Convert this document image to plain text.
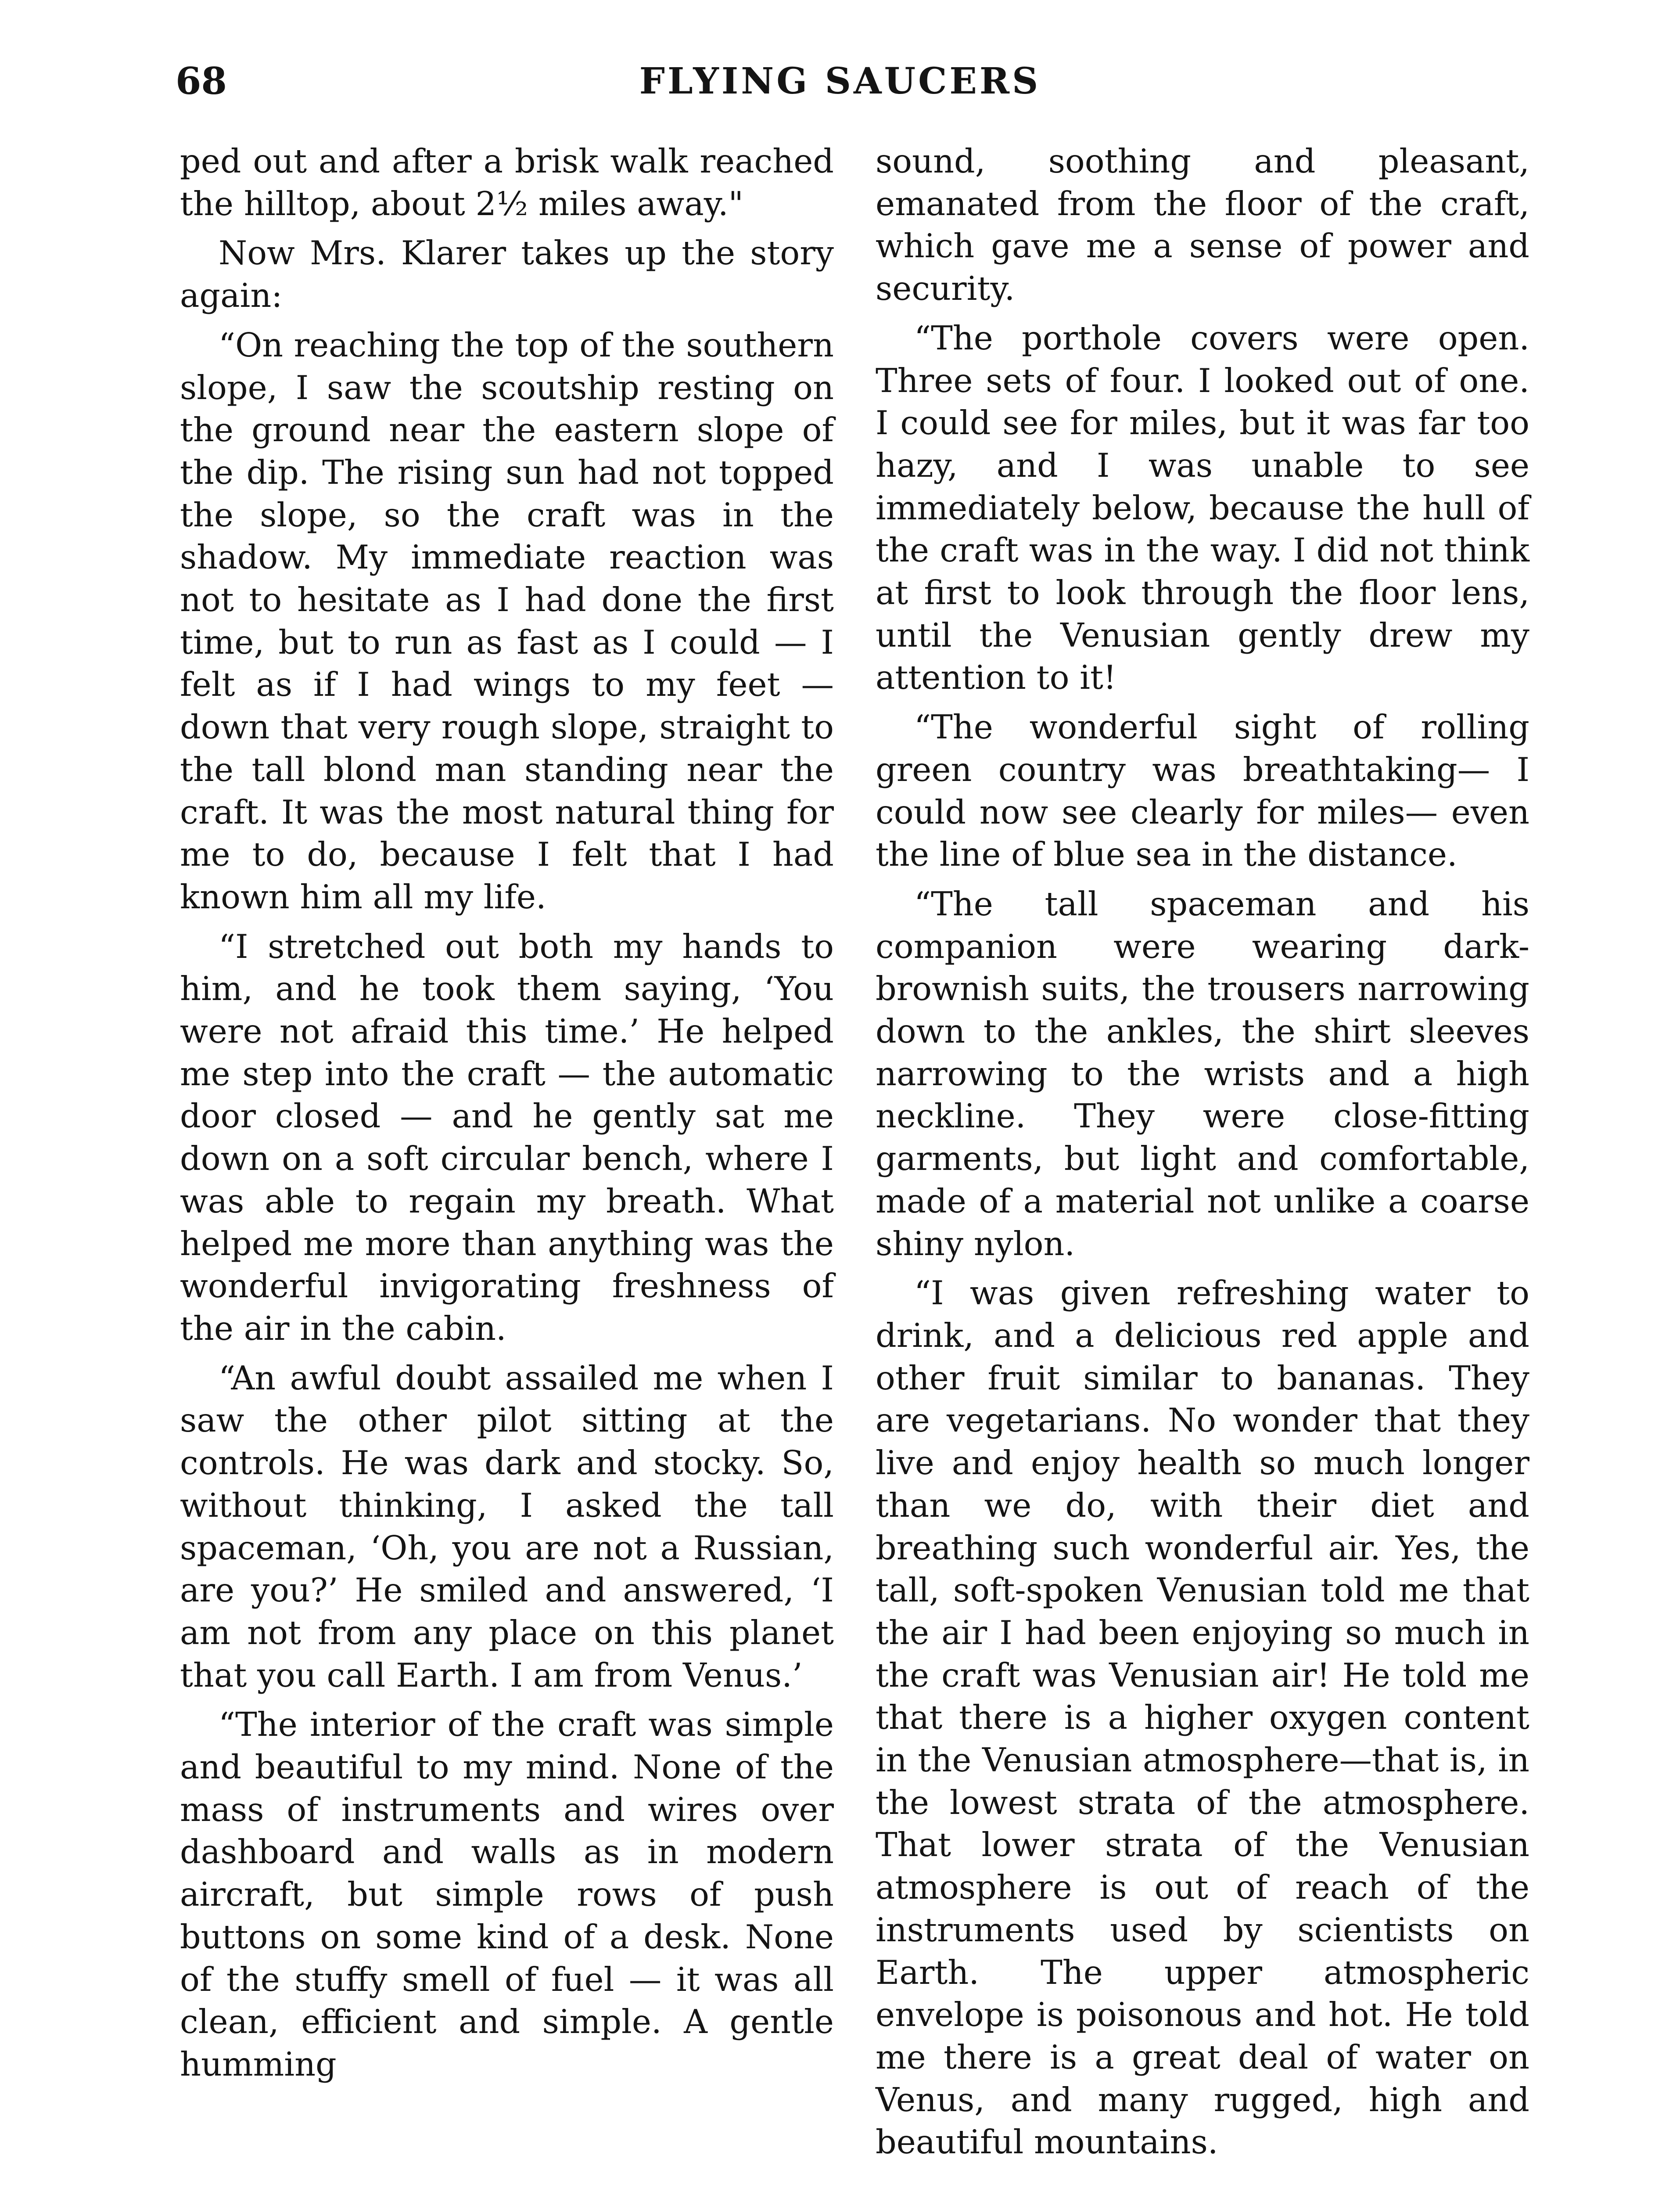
68	FLYING SAUCERS

ped out and after a brisk walk reached the hilltop, about 2½ miles away."

Now Mrs. Klarer takes up the story again:

“On reaching the top of the southern slope, I saw the scoutship resting on the ground near the eastern slope of the dip. The rising sun had not topped the slope, so the craft was in the shadow. My immediate reaction was not to hesitate as I had done the first time, but to run as fast as I could — I felt as if I had wings to my feet — down that very rough slope, straight to the tall blond man standing near the craft. It was the most natural thing for me to do, because I felt that I had known him all my life.

“I stretched out both my hands to him, and he took them saying, ‘You were not afraid this time.’ He helped me step into the craft — the automatic door closed — and he gently sat me down on a soft circular bench, where I was able to regain my breath. What helped me more than anything was the wonderful invigorating freshness of the air in the cabin.

“An awful doubt assailed me when I saw the other pilot sitting at the controls. He was dark and stocky. So, without thinking, I asked the tall spaceman, ‘Oh, you are not a Russian, are you?’ He smiled and answered, ‘I am not from any place on this planet that you call Earth. I am from Venus.’

“The interior of the craft was simple and beautiful to my mind. None of the mass of instruments and wires over dashboard and walls as in modern aircraft, but simple rows of push buttons on some kind of a desk. None of the stuffy smell of fuel — it was all clean, efficient and simple. A gentle humming

sound, soothing and pleasant, emanated from the floor of the craft, which gave me a sense of power and security.

“The porthole covers were open. Three sets of four. I looked out of one. I could see for miles, but it was far too hazy, and I was unable to see immediately below, because the hull of the craft was in the way. I did not think at first to look through the floor lens, until the Venusian gently drew my attention to it!

“The wonderful sight of rolling green country was breathtaking— I could now see clearly for miles— even the line of blue sea in the distance.

“The tall spaceman and his companion were wearing dark-brownish suits, the trousers narrowing down to the ankles, the shirt sleeves narrowing to the wrists and a high neckline. They were close-fitting garments, but light and comfortable, made of a material not unlike a coarse shiny nylon.

“I was given refreshing water to drink, and a delicious red apple and other fruit similar to bananas. They are vegetarians. No wonder that they live and enjoy health so much longer than we do, with their diet and breathing such wonderful air. Yes, the tall, soft-spoken Venusian told me that the air I had been enjoying so much in the craft was Venusian air! He told me that there is a higher oxygen content in the Venusian atmosphere—that is, in the lowest strata of the atmosphere. That lower strata of the Venusian atmosphere is out of reach of the instruments used by scientists on Earth. The upper atmospheric envelope is poisonous and hot. He told me there is a great deal of water on Venus, and many rugged, high and beautiful mountains.
